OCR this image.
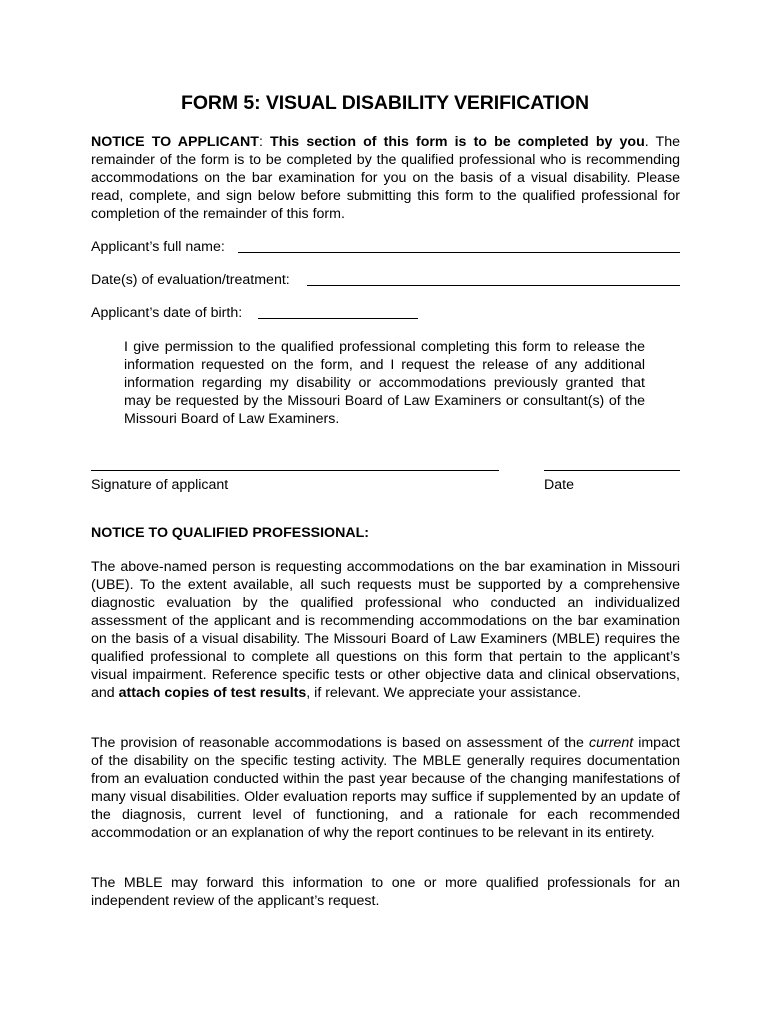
FORM 5: VISUAL DISABILITY VERIFICATION
NOTICE TO APPLICANT: This section of this form is to be completed by you. The remainder of the form is to be completed by the qualified professional who is recommending accommodations on the bar examination for you on the basis of a visual disability. Please read, complete, and sign below before submitting this form to the qualified professional for completion of the remainder of this form.
Applicant’s full name:
Date(s) of evaluation/treatment:
Applicant’s date of birth:
I give permission to the qualified professional completing this form to release the information requested on the form, and I request the release of any additional information regarding my disability or accommodations previously granted that may be requested by the Missouri Board of Law Examiners or consultant(s) of the Missouri Board of Law Examiners.
Signature of applicant	Date
NOTICE TO QUALIFIED PROFESSIONAL:
The above-named person is requesting accommodations on the bar examination in Missouri (UBE). To the extent available, all such requests must be supported by a comprehensive diagnostic evaluation by the qualified professional who conducted an individualized assessment of the applicant and is recommending accommodations on the bar examination on the basis of a visual disability. The Missouri Board of Law Examiners (MBLE) requires the qualified professional to complete all questions on this form that pertain to the applicant’s visual impairment. Reference specific tests or other objective data and clinical observations, and attach copies of test results, if relevant. We appreciate your assistance.
The provision of reasonable accommodations is based on assessment of the current impact of the disability on the specific testing activity. The MBLE generally requires documentation from an evaluation conducted within the past year because of the changing manifestations of many visual disabilities. Older evaluation reports may suffice if supplemented by an update of the diagnosis, current level of functioning, and a rationale for each recommended accommodation or an explanation of why the report continues to be relevant in its entirety.
The MBLE may forward this information to one or more qualified professionals for an independent review of the applicant’s request.
